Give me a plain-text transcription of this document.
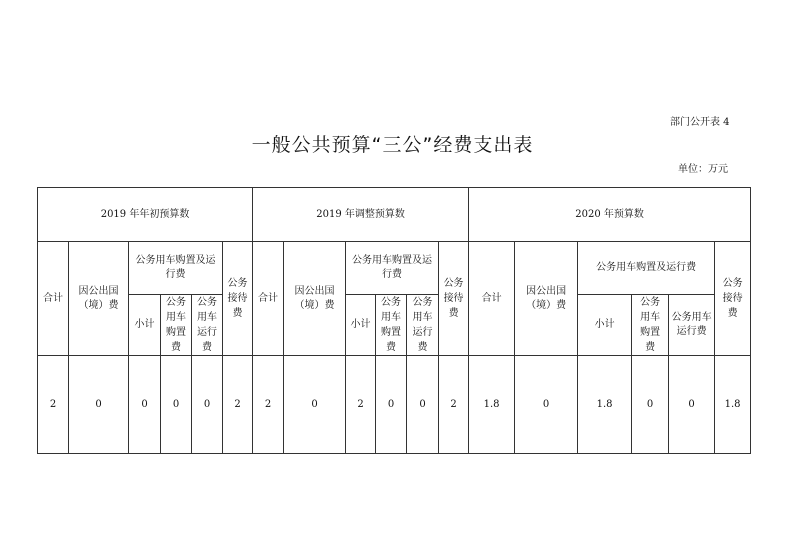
部门公开表 4
一般公共预算“三公”经费支出表
单位：万元
2019 年年初预算数						2019 年调整预算数						2020 年预算数					
合计	因公出国（境）费	公务用车购置及运行费			公务接待费	合计	因公出国（境）费	公务用车购置及运行费			公务接待费	合计	因公出国（境）费	公务用车购置及运行费			公务接待费
		小计	公务用车购置费	公务用车运行费				小计	公务用车购置费	公务用车运行费				小计	公务用车购置费	公务用车运行费	
2	0	0	0	0	2	2	0	2	0	0	2	1.8	0	1.8	0	0	1.8
